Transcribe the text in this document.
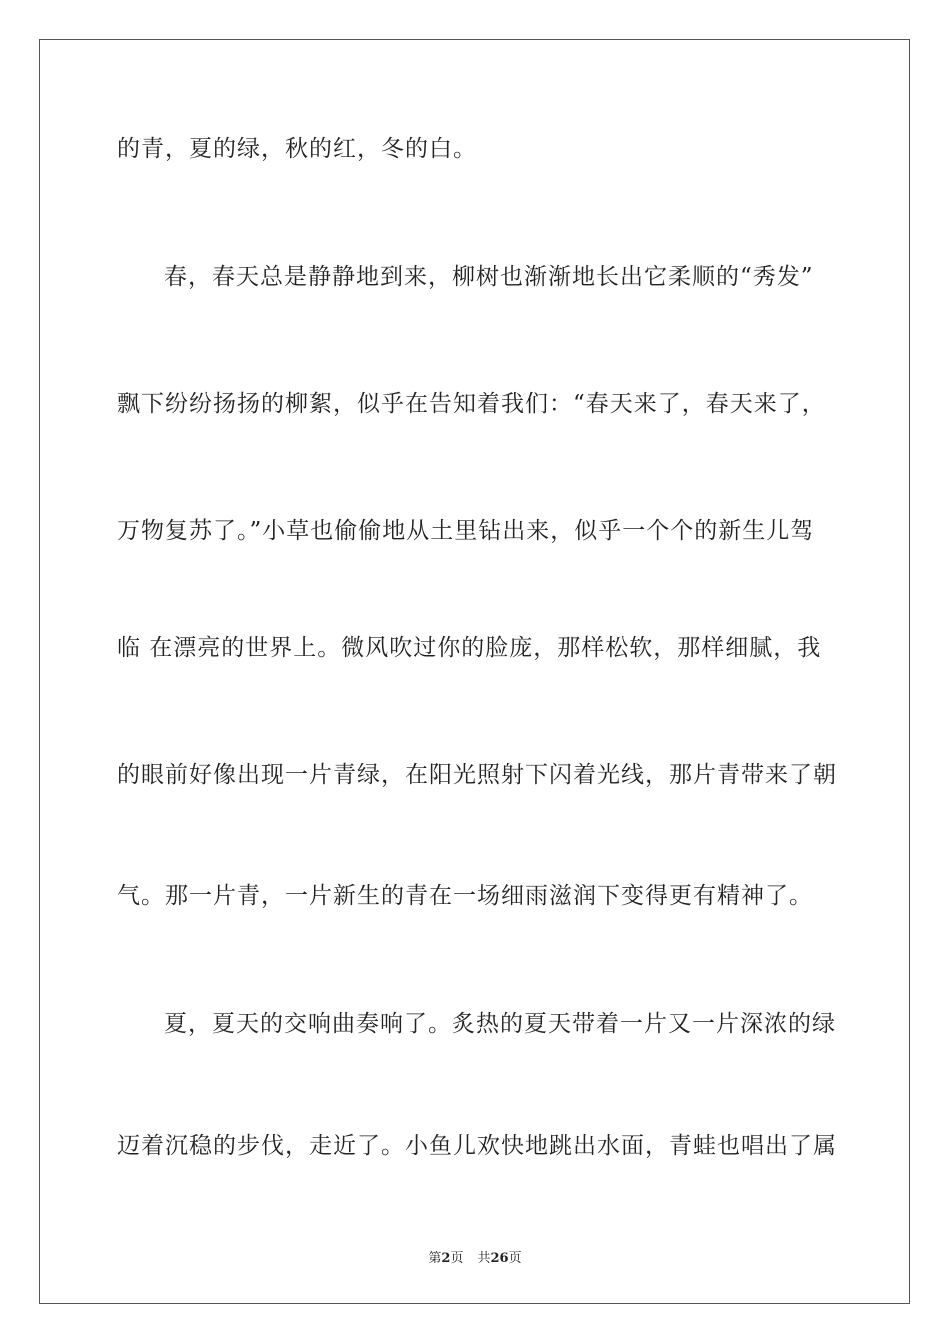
的青，夏的绿，秋的红，冬的白。
春，春天总是静静地到来，柳树也渐渐地长出它柔顺的“秀发”
飘下纷纷扬扬的柳絮，似乎在告知着我们：“春天来了，春天来了，
万物复苏了。”小草也偷偷地从土里钻出来，似乎一个个的新生儿驾
临 在漂亮的世界上。微风吹过你的脸庞，那样松软，那样细腻，我
的眼前好像出现一片青绿，在阳光照射下闪着光线，那片青带来了朝
气。那一片青，一片新生的青在一场细雨滋润下变得更有精神了。
夏，夏天的交响曲奏响了。炙热的夏天带着一片又一片深浓的绿
迈着沉稳的步伐，走近了。小鱼儿欢快地跳出水面，青蛙也唱出了属
第2页 共26页
